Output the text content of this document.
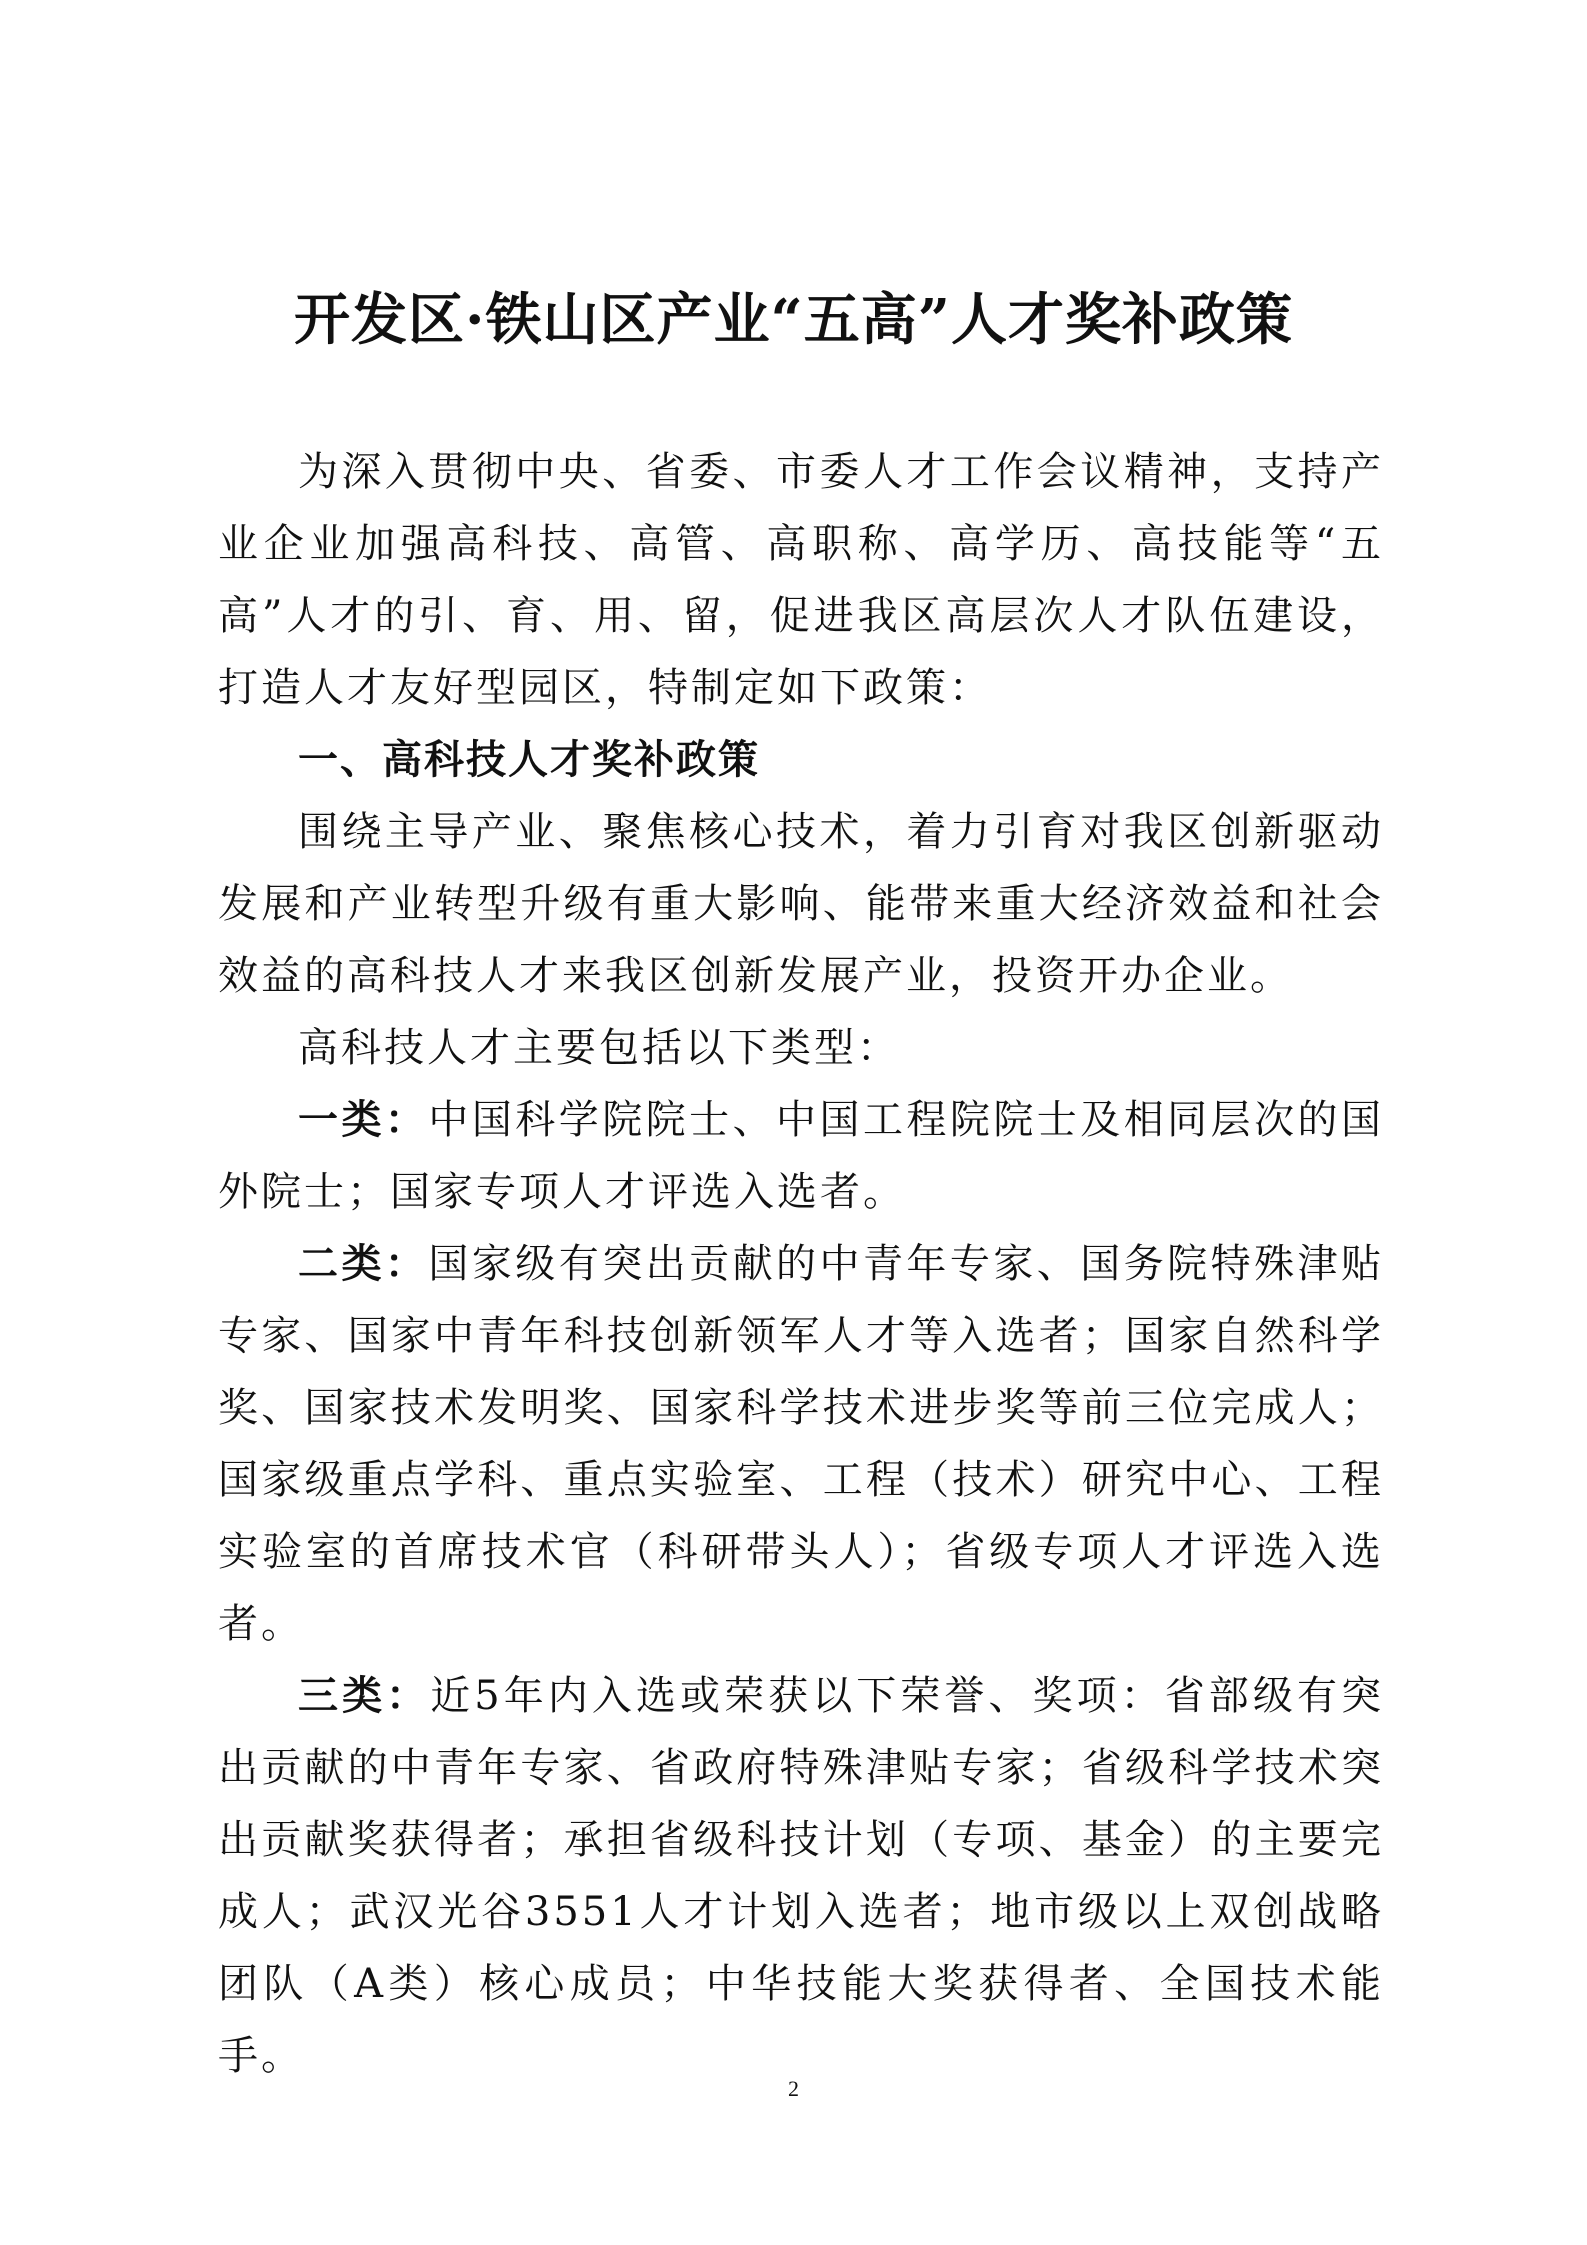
开发区·铁山区产业“五高”人才奖补政策

为深入贯彻中央、省委、市委人才工作会议精神，支持产业企业加强高科技、高管、高职称、高学历、高技能等“五高”人才的引、育、用、留，促进我区高层次人才队伍建设，打造人才友好型园区，特制定如下政策：

一、高科技人才奖补政策

围绕主导产业、聚焦核心技术，着力引育对我区创新驱动发展和产业转型升级有重大影响、能带来重大经济效益和社会效益的高科技人才来我区创新发展产业，投资开办企业。

高科技人才主要包括以下类型：

一类：中国科学院院士、中国工程院院士及相同层次的国外院士；国家专项人才评选入选者。

二类：国家级有突出贡献的中青年专家、国务院特殊津贴专家、国家中青年科技创新领军人才等入选者；国家自然科学奖、国家技术发明奖、国家科学技术进步奖等前三位完成人；国家级重点学科、重点实验室、工程（技术）研究中心、工程实验室的首席技术官（科研带头人）；省级专项人才评选入选者。

三类：近5年内入选或荣获以下荣誉、奖项：省部级有突出贡献的中青年专家、省政府特殊津贴专家；省级科学技术突出贡献奖获得者；承担省级科技计划（专项、基金）的主要完成人；武汉光谷3551人才计划入选者；地市级以上双创战略团队（A类）核心成员；中华技能大奖获得者、全国技术能手。

2
